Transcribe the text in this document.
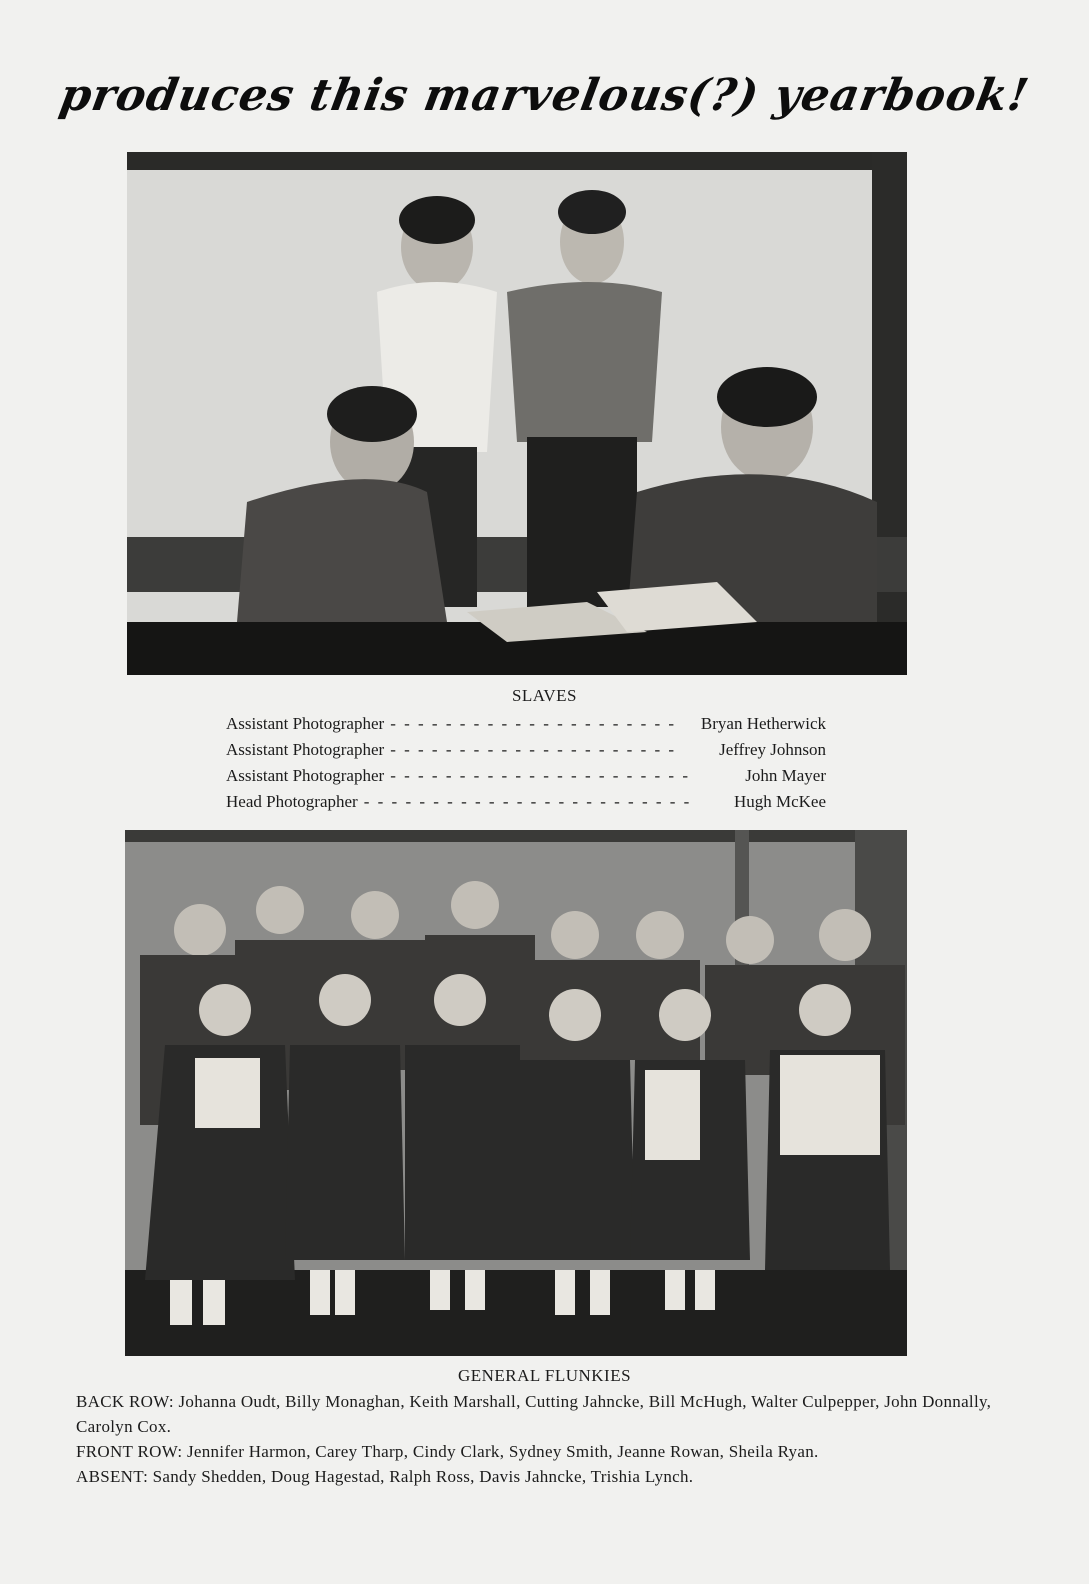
produces this marvelous(?) yearbook!
SLAVES
Assistant Photographer - - - - - - - - - - - - - - - - - - - - -	Bryan Hetherwick
Assistant Photographer - - - - - - - - - - - - - - - - - - - - -	Jeffrey Johnson
Assistant Photographer - - - - - - - - - - - - - - - - - - - - - -	John Mayer
Head Photographer - - - - - - - - - - - - - - - - - - - - - - - -	Hugh McKee
GENERAL FLUNKIES

BACK ROW: Johanna Oudt, Billy Monaghan, Keith Marshall, Cutting Jahncke, Bill McHugh, Walter Culpepper, John Donnally, Carolyn Cox.

FRONT ROW: Jennifer Harmon, Carey Tharp, Cindy Clark, Sydney Smith, Jeanne Rowan, Sheila Ryan.

ABSENT: Sandy Shedden, Doug Hagestad, Ralph Ross, Davis Jahncke, Trishia Lynch.
